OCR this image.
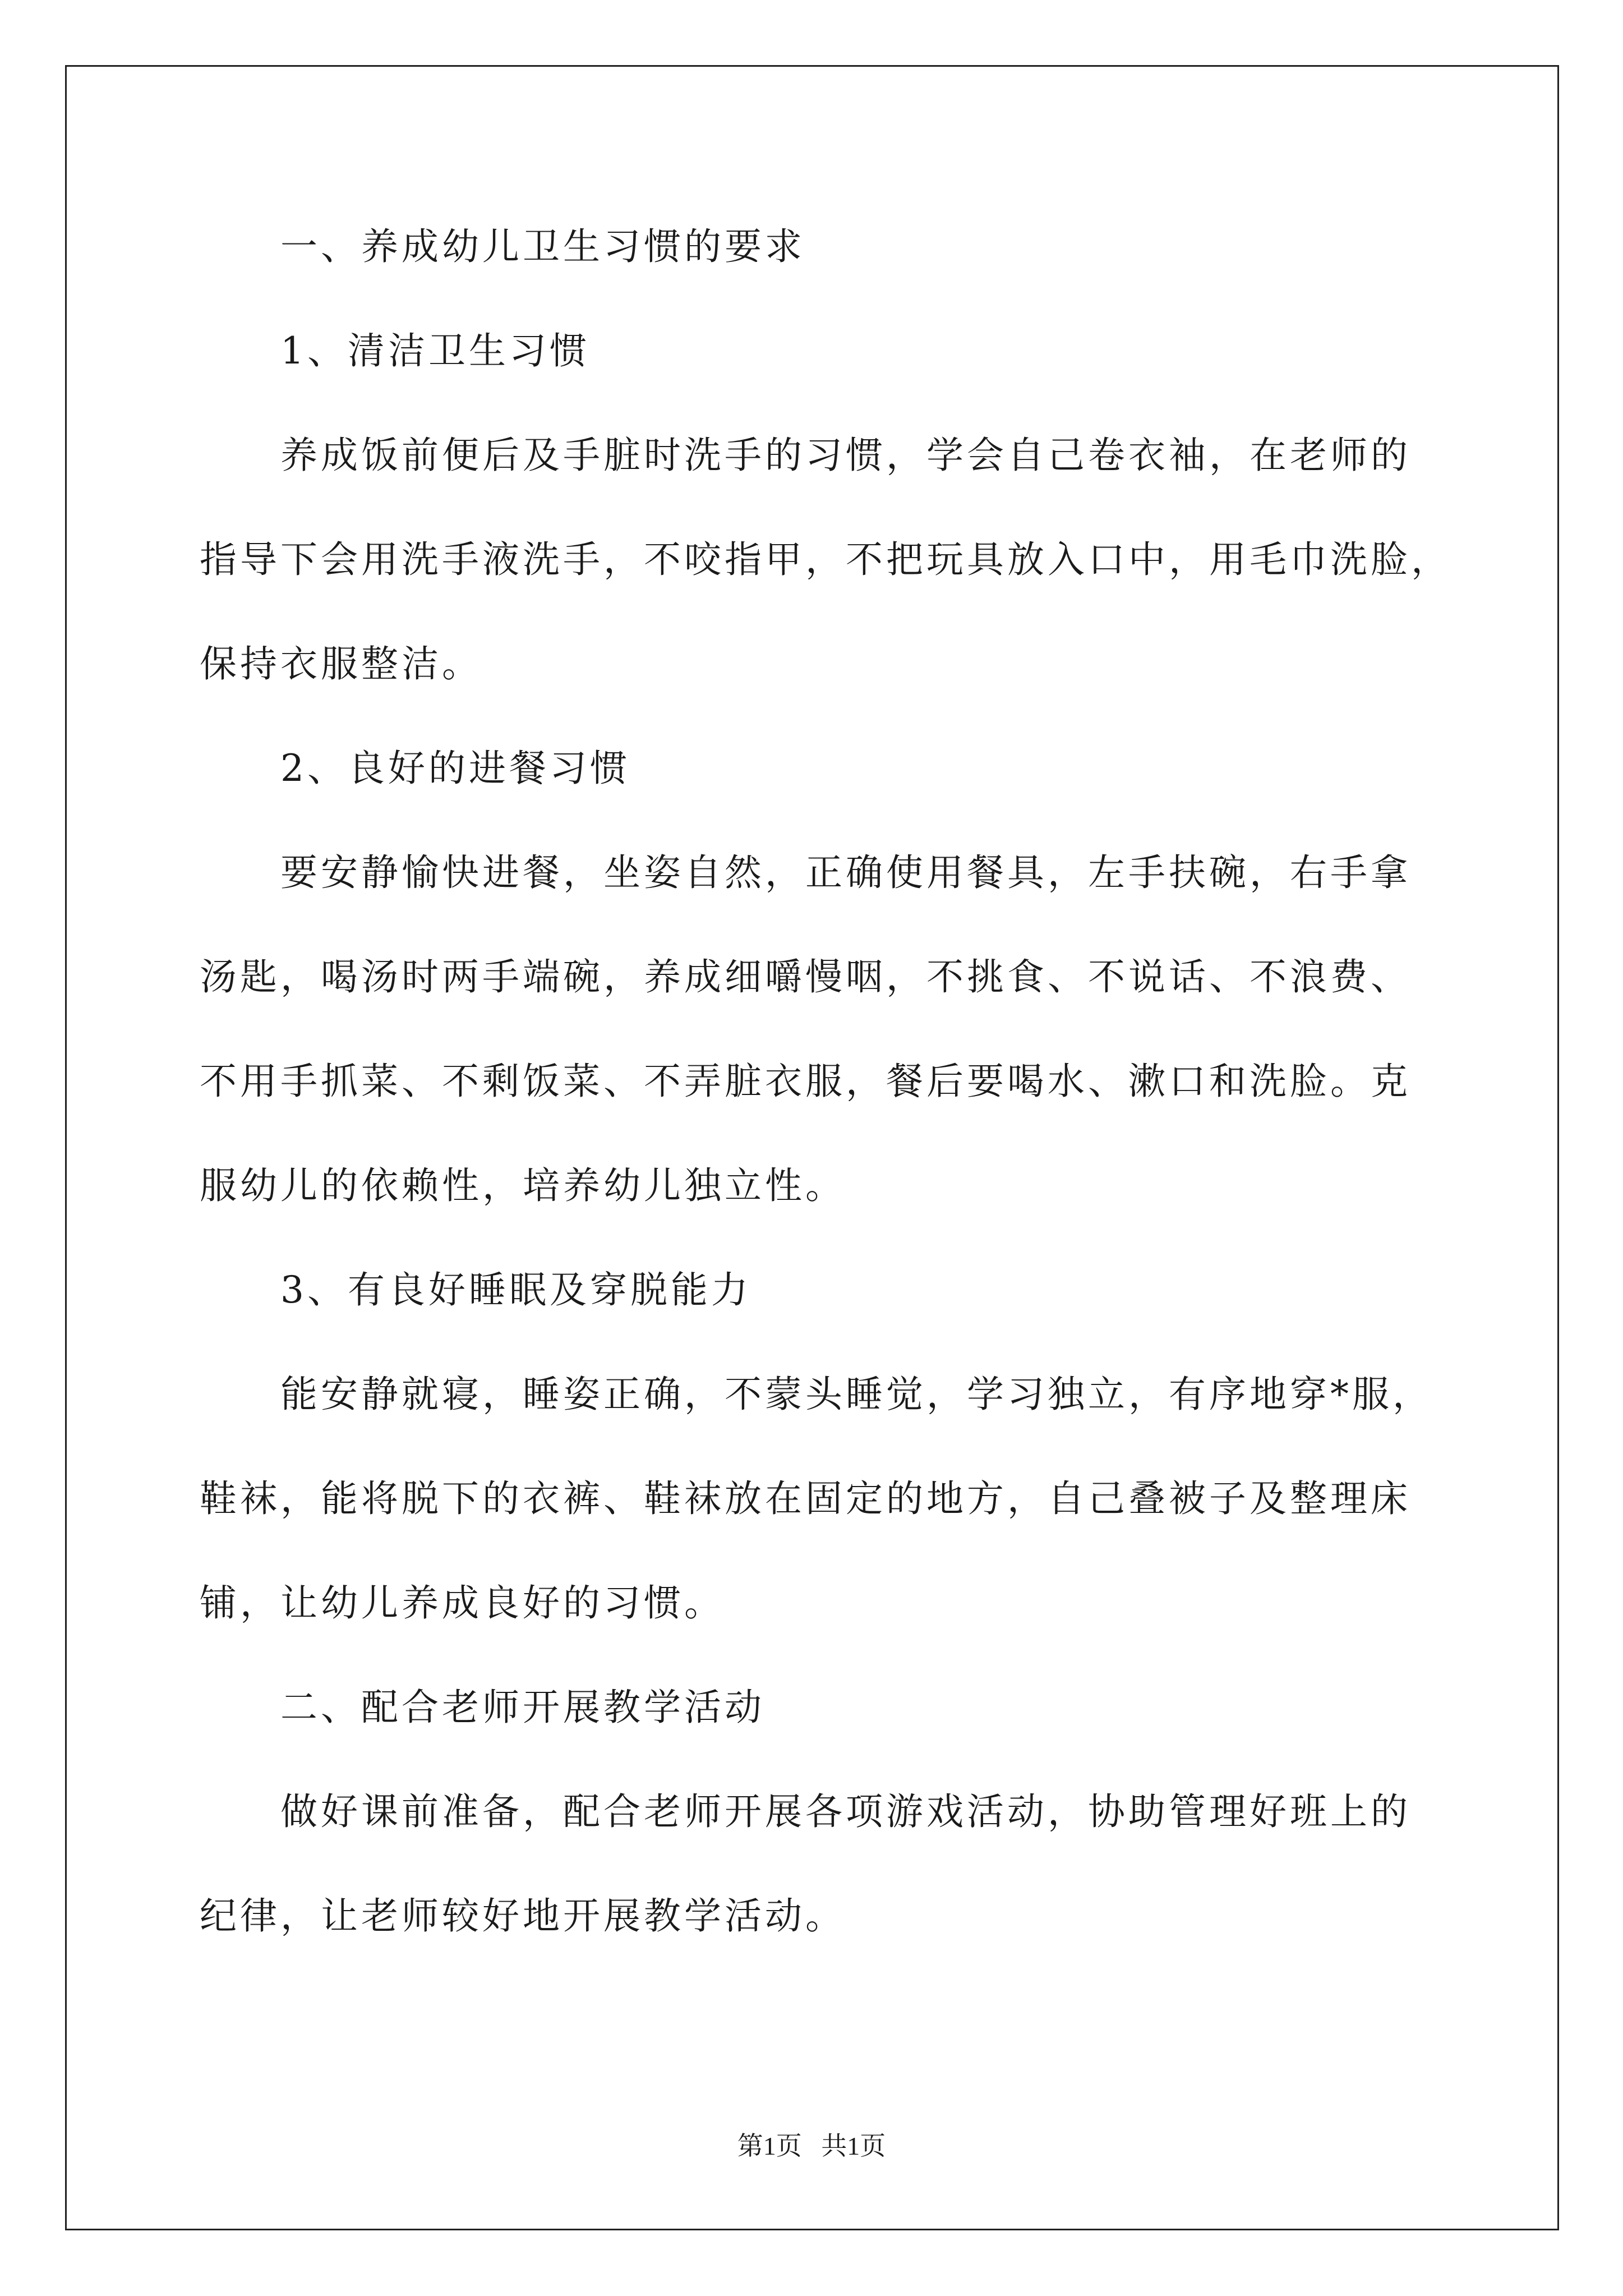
一、养成幼儿卫生习惯的要求
1、清洁卫生习惯
养成饭前便后及手脏时洗手的习惯，学会自己卷衣袖，在老师的
指导下会用洗手液洗手，不咬指甲，不把玩具放入口中，用毛巾洗脸，
保持衣服整洁。
2、良好的进餐习惯
要安静愉快进餐，坐姿自然，正确使用餐具，左手扶碗，右手拿
汤匙，喝汤时两手端碗，养成细嚼慢咽，不挑食、不说话、不浪费、
不用手抓菜、不剩饭菜、不弄脏衣服，餐后要喝水、漱口和洗脸。克
服幼儿的依赖性，培养幼儿独立性。
3、有良好睡眠及穿脱能力
能安静就寝，睡姿正确，不蒙头睡觉，学习独立，有序地穿*服，
鞋袜，能将脱下的衣裤、鞋袜放在固定的地方，自己叠被子及整理床
铺，让幼儿养成良好的习惯。
二、配合老师开展教学活动
做好课前准备，配合老师开展各项游戏活动，协助管理好班上的
纪律，让老师较好地开展教学活动。
第1页   共1页
